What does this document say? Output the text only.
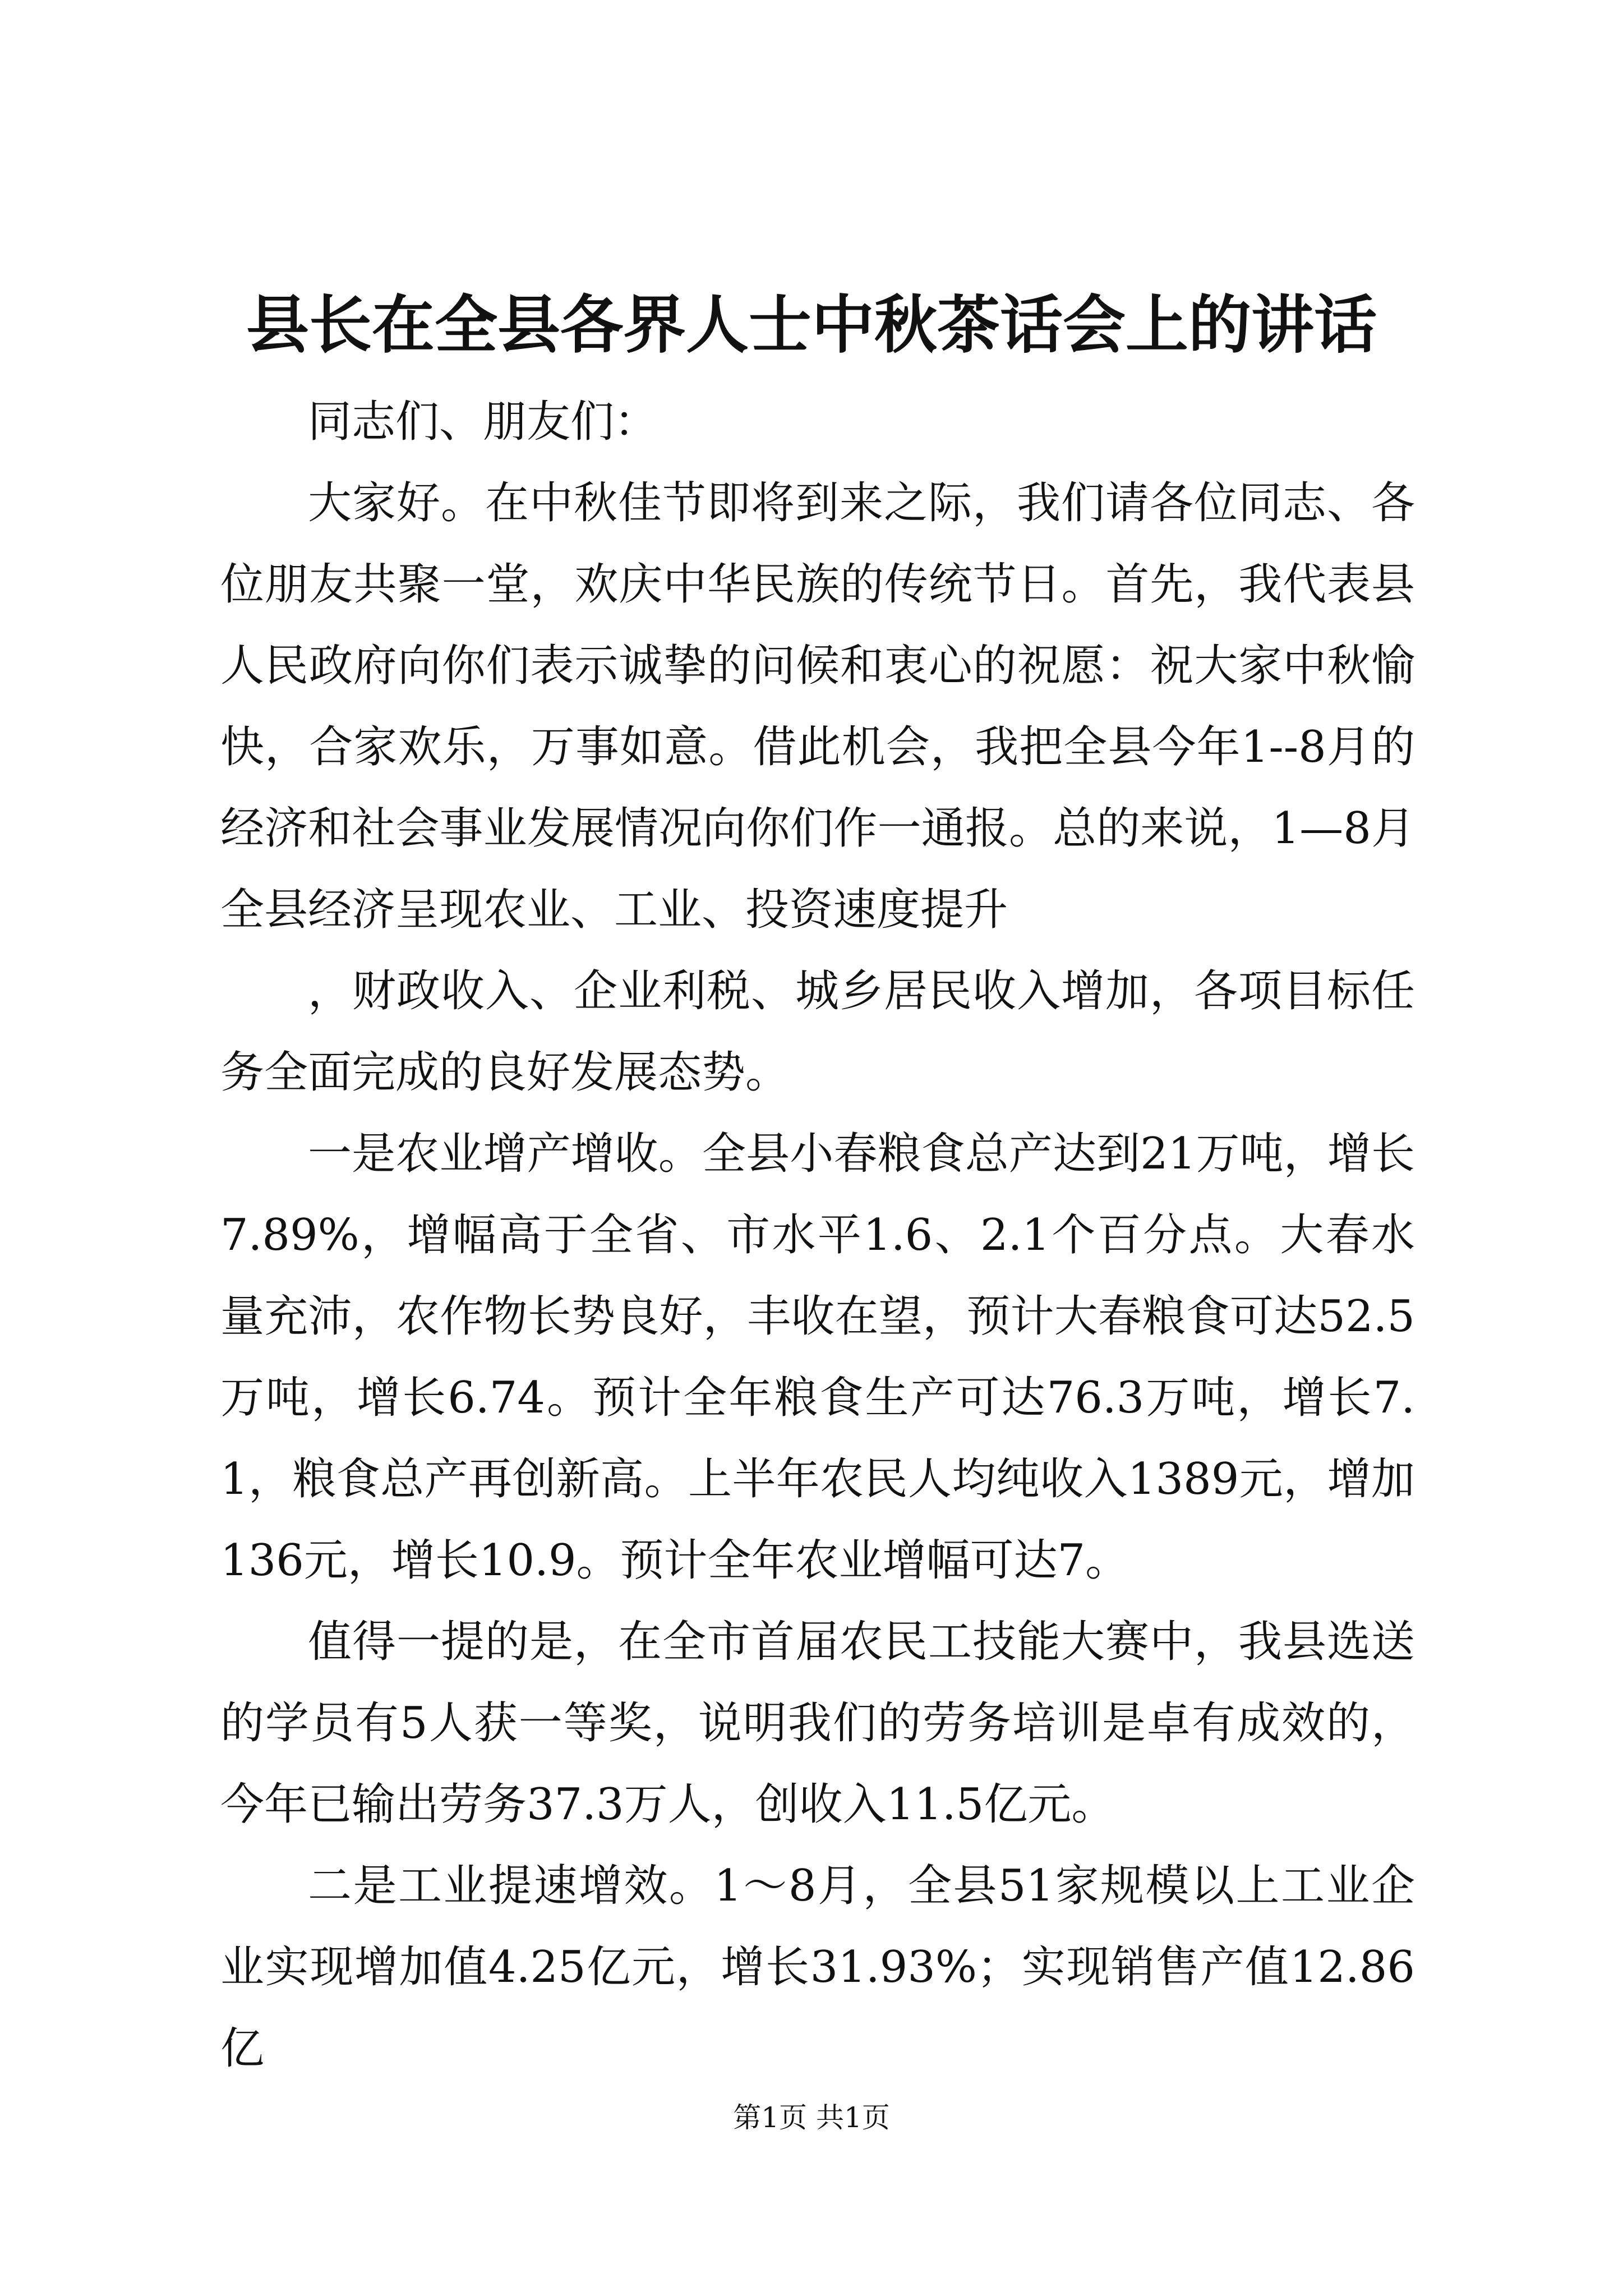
县长在全县各界人士中秋茶话会上的讲话

同志们、朋友们：

大家好。在中秋佳节即将到来之际，我们请各位同志、各位朋友共聚一堂，欢庆中华民族的传统节日。首先，我代表县人民政府向你们表示诚挚的问候和衷心的祝愿：祝大家中秋愉快，合家欢乐，万事如意。借此机会，我把全县今年1--8月的经济和社会事业发展情况向你们作一通报。总的来说，1—8月全县经济呈现农业、工业、投资速度提升

，财政收入、企业利税、城乡居民收入增加，各项目标任务全面完成的良好发展态势。

一是农业增产增收。全县小春粮食总产达到21万吨，增长7.89%，增幅高于全省、市水平1.6、2.1个百分点。大春水量充沛，农作物长势良好，丰收在望，预计大春粮食可达52.5万吨，增长6.74。预计全年粮食生产可达76.3万吨，增长7.1，粮食总产再创新高。上半年农民人均纯收入1389元，增加136元，增长10.9。预计全年农业增幅可达7。

值得一提的是，在全市首届农民工技能大赛中，我县选送的学员有5人获一等奖，说明我们的劳务培训是卓有成效的，今年已输出劳务37.3万人，创收入11.5亿元。

二是工业提速增效。1～8月，全县51家规模以上工业企业实现增加值4.25亿元，增长31.93%；实现销售产值12.86亿

第1页 共1页
